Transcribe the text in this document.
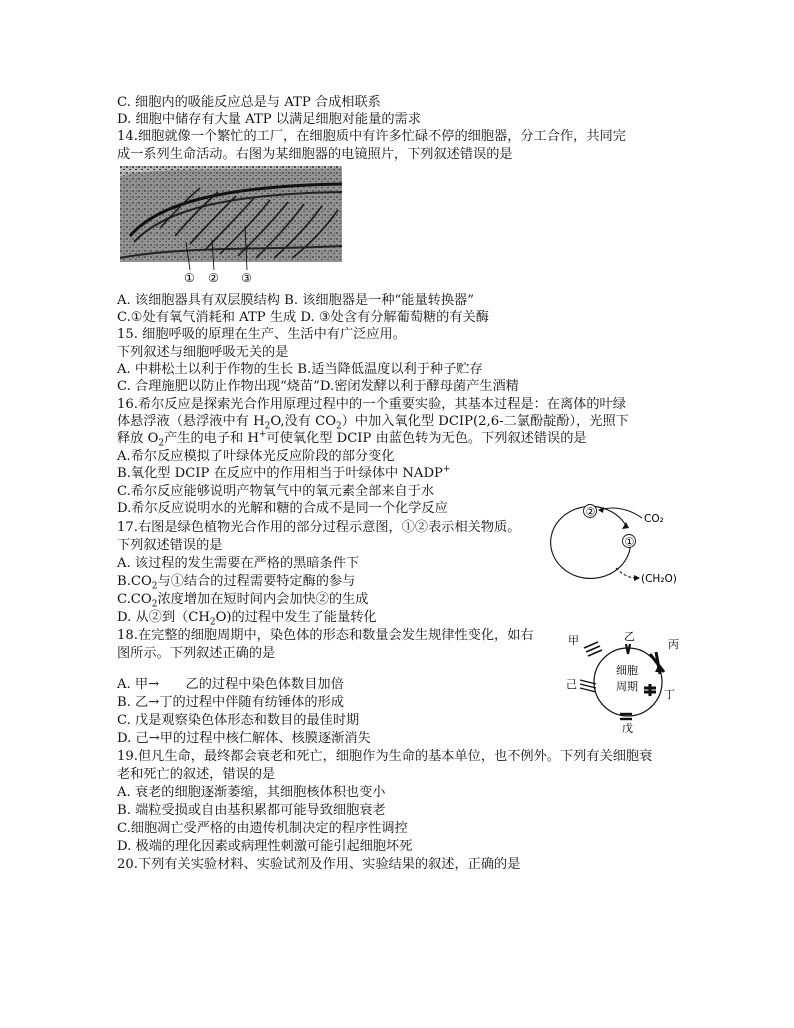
C. 细胞内的吸能反应总是与 ATP 合成相联系
D. 细胞中储存有大量 ATP 以满足细胞对能量的需求
14.细胞就像一个繁忙的工厂，在细胞质中有许多忙碌不停的细胞器，分工合作，共同完
成一系列生命活动。右图为某细胞器的电镜照片，下列叙述错误的是
① ② ③
A. 该细胞器具有双层膜结构 B. 该细胞器是一种“能量转换器”
C.①处有氧气消耗和 ATP 生成 D. ③处含有分解葡萄糖的有关酶
15. 细胞呼吸的原理在生产、生活中有广泛应用。
下列叙述与细胞呼吸无关的是
A. 中耕松土以利于作物的生长 B.适当降低温度以利于种子贮存
C. 合理施肥以防止作物出现“烧苗”D.密闭发酵以利于酵母菌产生酒精
16.希尔反应是探索光合作用原理过程中的一个重要实验，其基本过程是：在离体的叶绿
体悬浮液（悬浮液中有 $H_2O$,没有 $CO_2$）中加入氧化型 DCIP(2,6-二氯酚靛酚），光照下
释放 $O_2$产生的电子和 H+可使氧化型 DCIP 由蓝色转为无色。下列叙述错误的是
A.希尔反应模拟了叶绿体光反应阶段的部分变化
B.氧化型 DCIP 在反应中的作用相当于叶绿体中 NADP+
C.希尔反应能够说明产物氧气中的氧元素全部来自于水
D.希尔反应说明水的光解和糖的合成不是同一个化学反应
17.右图是绿色植物光合作用的部分过程示意图，①②表示相关物质。
下列叙述错误的是
A. 该过程的发生需要在严格的黑暗条件下
$B.CO_2$与①结合的过程需要特定酶的参与
$C.CO_2$浓度增加在短时间内会加快②的生成
D. 从②到$(CH_2O)$的过程中发生了能量转化
②
①
CO₂
(CH₂O)
18.在完整的细胞周期中，染色体的形态和数量会发生规律性变化，如右
图所示。下列叙述正确的是
细胞
周期
乙
甲	丙
丁
戊
己
A. 甲→　　乙的过程中染色体数目加倍
B. 乙→丁的过程中伴随有纺锤体的形成
C. 戊是观察染色体形态和数目的最佳时期
D. 己→甲的过程中核仁解体、核膜逐渐消失
19.但凡生命，最终都会衰老和死亡，细胞作为生命的基本单位，也不例外。下列有关细胞衰
老和死亡的叙述，错误的是
A. 衰老的细胞逐渐萎缩，其细胞核体积也变小
B. 端粒受损或自由基积累都可能导致细胞衰老
C.细胞凋亡受严格的由遗传机制决定的程序性调控
D. 极端的理化因素或病理性刺激可能引起细胞坏死
20.下列有关实验材料、实验试剂及作用、实验结果的叙述，正确的是
